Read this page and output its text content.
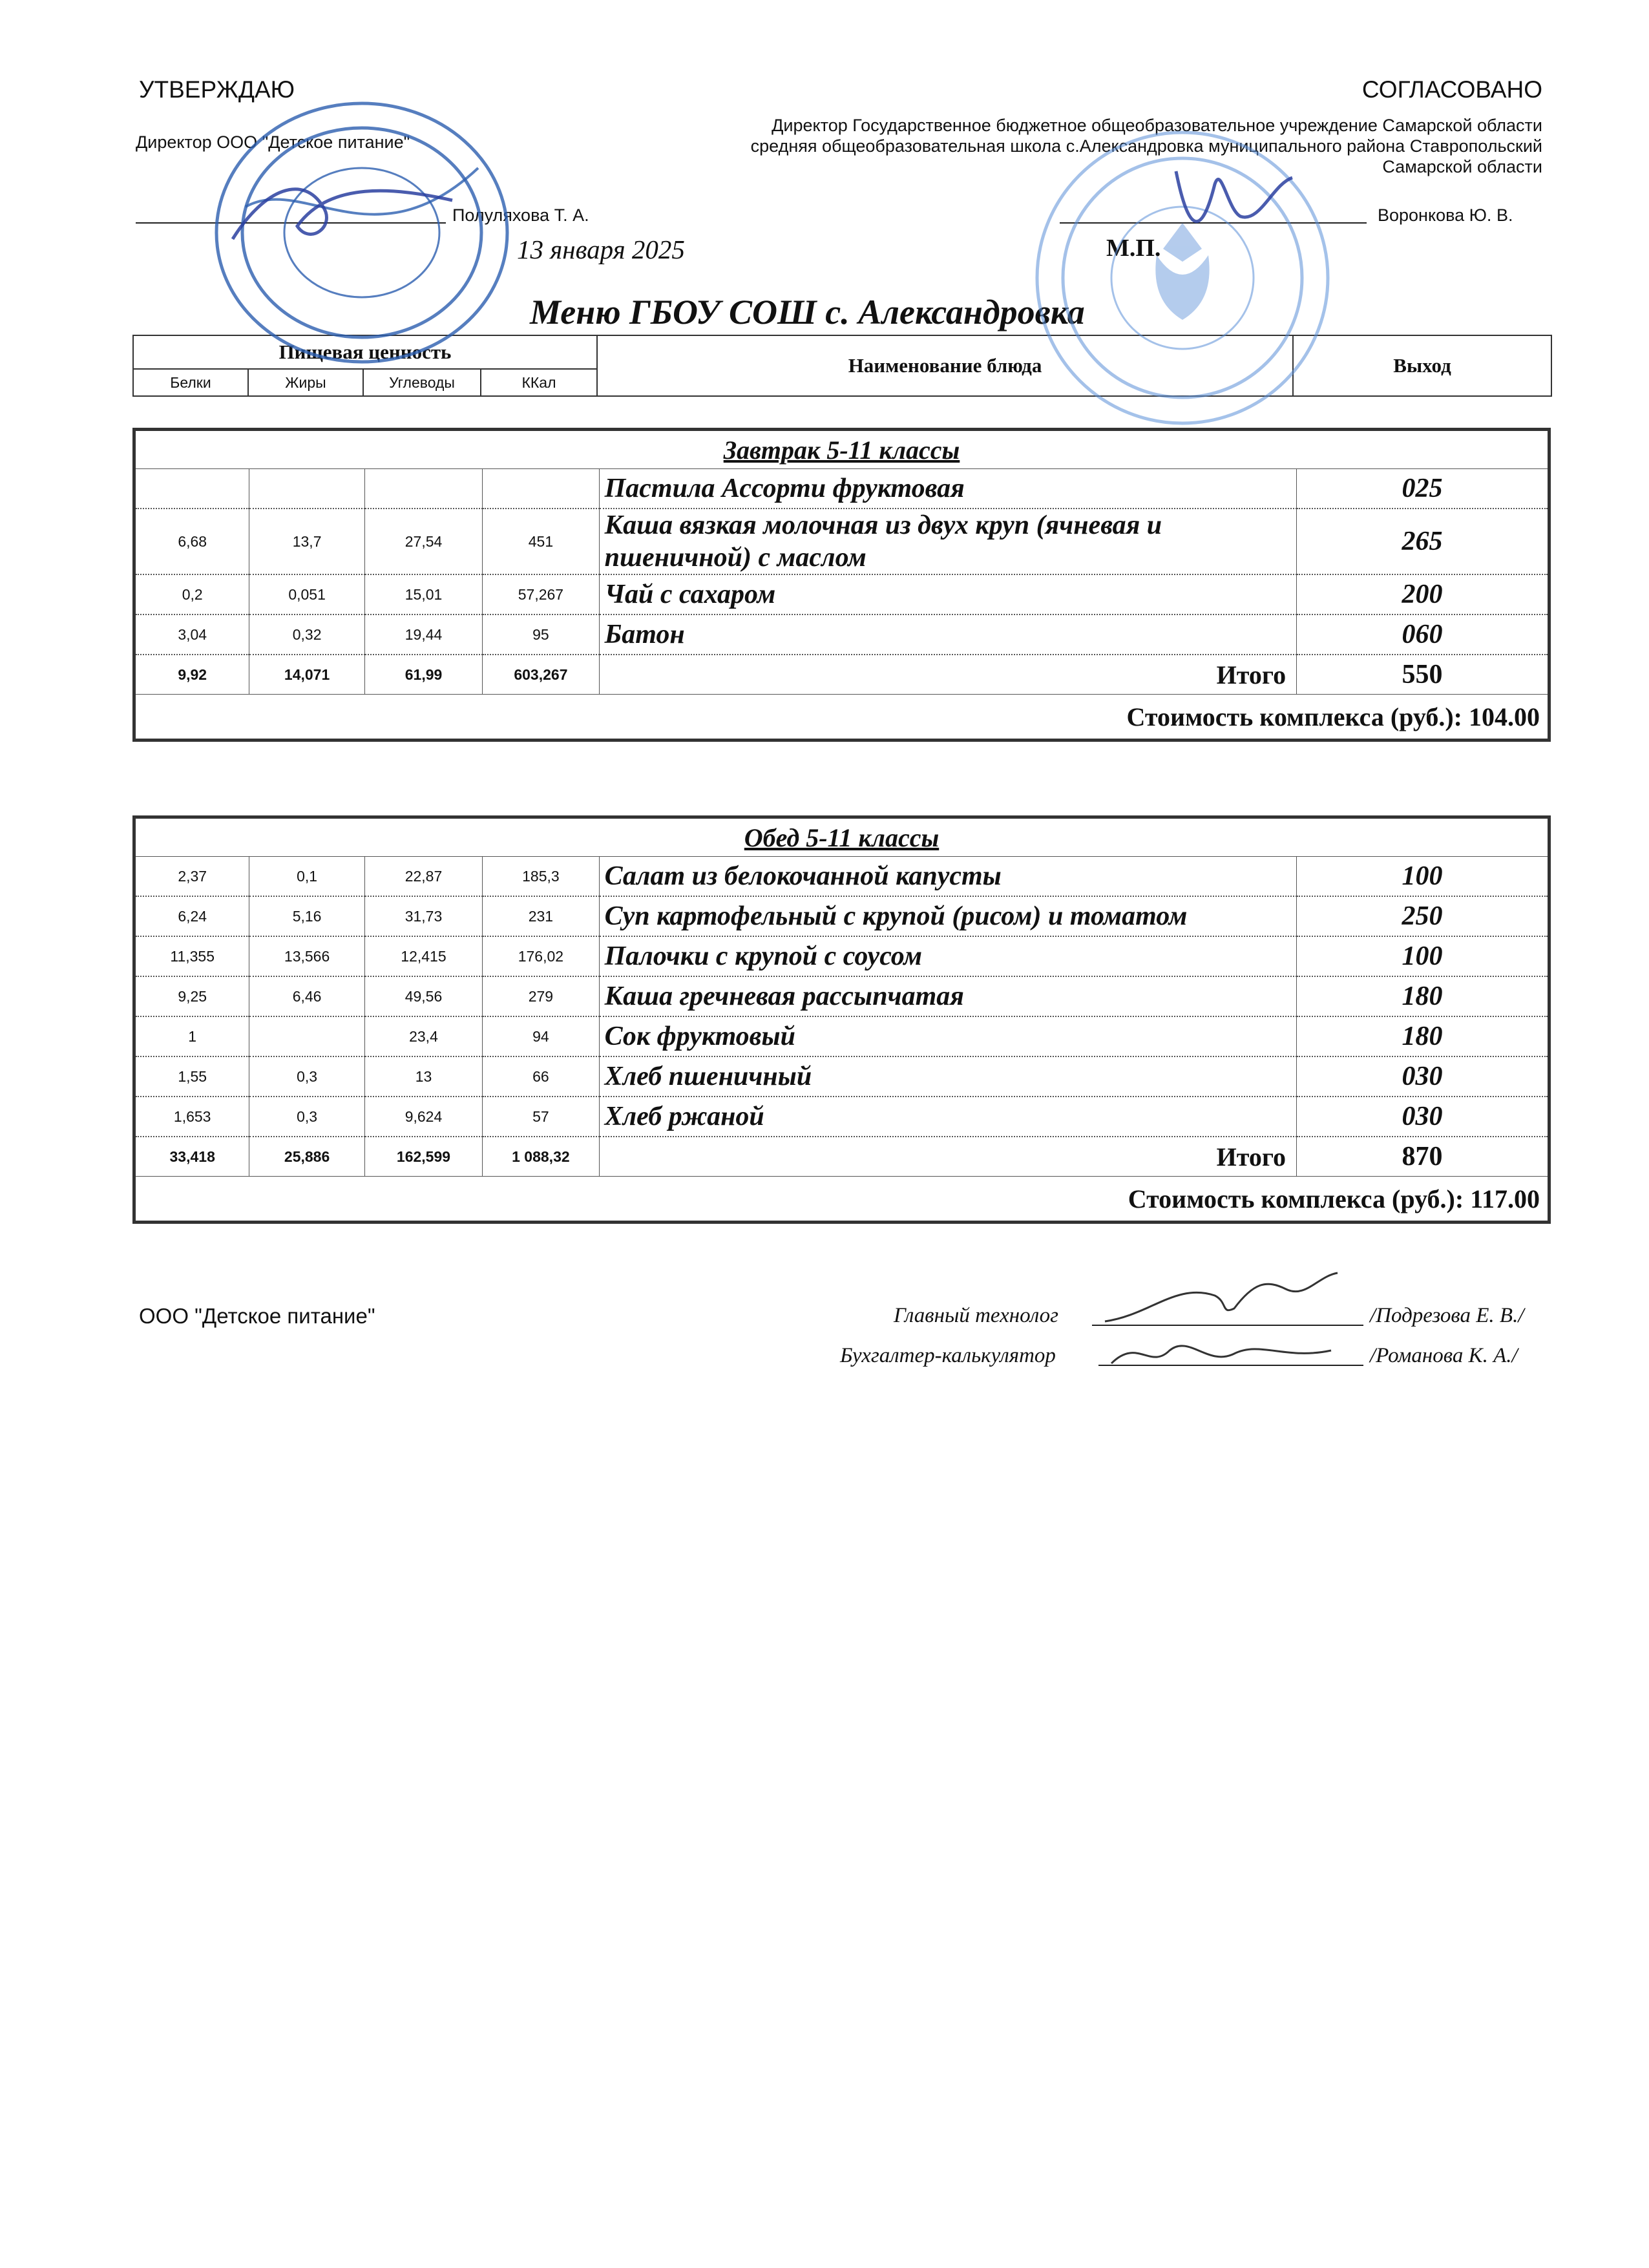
УТВЕРЖДАЮ
Директор ООО "Детское питание"
Полуляхова Т. А.
13 января 2025
СОГЛАСОВАНО
Директор Государственное бюджетное общеобразовательное учреждение Самарской области средняя общеобразовательная школа с.Александровка муниципального района Ставропольский Самарской области
Воронкова Ю. В.
М.П.
Меню ГБОУ СОШ с. Александровка
Пищевая ценность				Наименование блюда	Выход
Белки	Жиры	Углеводы	ККал		
Завтрак 5-11 классы					
				Пастила Ассорти фруктовая	025
6,68	13,7	27,54	451	Каша вязкая молочная из двух круп (ячневая и пшеничной) с маслом	265
0,2	0,051	15,01	57,267	Чай с сахаром	200
3,04	0,32	19,44	95	Батон	060
9,92	14,071	61,99	603,267	Итого	550
Стоимость комплекса (руб.): 104.00					
Обед 5-11 классы					
2,37	0,1	22,87	185,3	Салат из белокочанной капусты	100
6,24	5,16	31,73	231	Суп картофельный с крупой (рисом) и томатом	250
11,355	13,566	12,415	176,02	Палочки с крупой с соусом	100
9,25	6,46	49,56	279	Каша гречневая рассыпчатая	180
1		23,4	94	Сок фруктовый	180
1,55	0,3	13	66	Хлеб пшеничный	030
1,653	0,3	9,624	57	Хлеб ржаной	030
33,418	25,886	162,599	1 088,32	Итого	870
Стоимость комплекса (руб.): 117.00					
ООО "Детское питание"	Главный технолог	/Подрезова Е. В./
Бухгалтер-калькулятор	/Романова К. А./
